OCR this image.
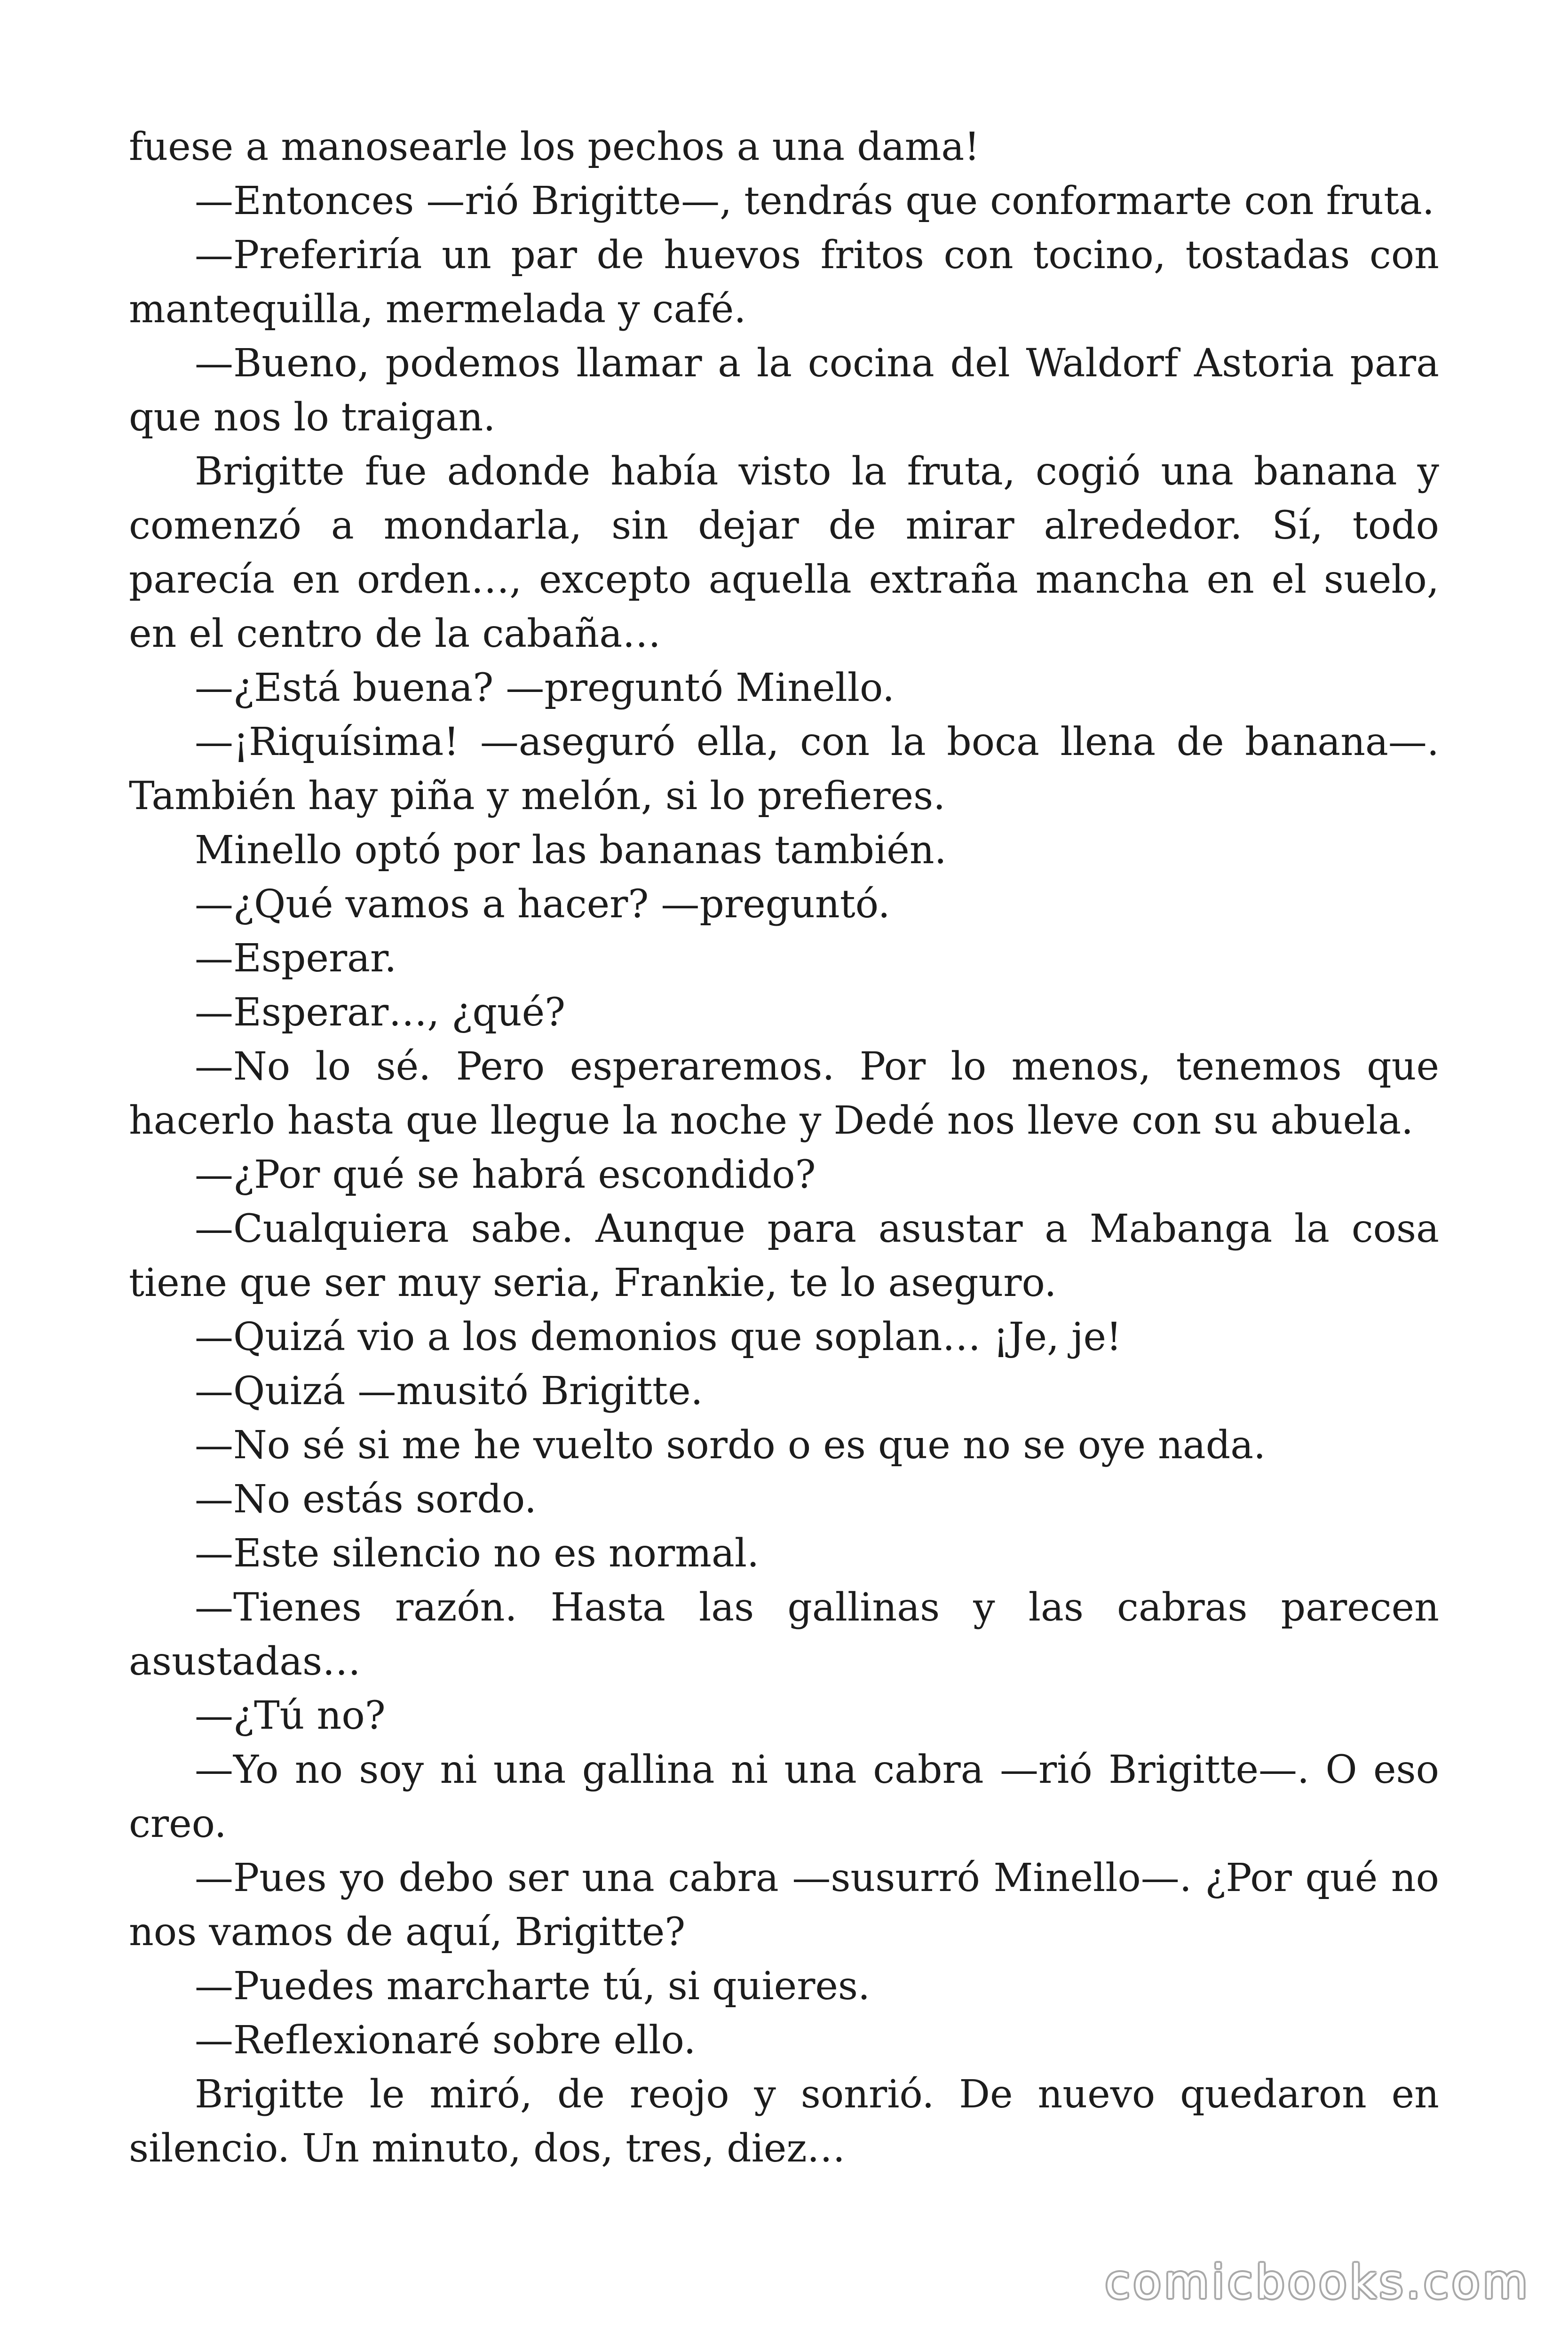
fuese a manosearle los pechos a una dama!

—Entonces —rió Brigitte—, tendrás que conformarte con fruta.

—Preferiría un par de huevos fritos con tocino, tostadas con mantequilla, mermelada y café.

—Bueno, podemos llamar a la cocina del Waldorf Astoria para que nos lo traigan.

Brigitte fue adonde había visto la fruta, cogió una banana y comenzó a mondarla, sin dejar de mirar alrededor. Sí, todo parecía en orden…, excepto aquella extraña mancha en el suelo, en el centro de la cabaña…

—¿Está buena? —preguntó Minello.

—¡Riquísima! —aseguró ella, con la boca llena de banana—. También hay piña y melón, si lo prefieres.

Minello optó por las bananas también.

—¿Qué vamos a hacer? —preguntó.

—Esperar.

—Esperar…, ¿qué?

—No lo sé. Pero esperaremos. Por lo menos, tenemos que hacerlo hasta que llegue la noche y Dedé nos lleve con su abuela.

—¿Por qué se habrá escondido?

—Cualquiera sabe. Aunque para asustar a Mabanga la cosa tiene que ser muy seria, Frankie, te lo aseguro.

—Quizá vio a los demonios que soplan… ¡Je, je!

—Quizá —musitó Brigitte.

—No sé si me he vuelto sordo o es que no se oye nada.

—No estás sordo.

—Este silencio no es normal.

—Tienes razón. Hasta las gallinas y las cabras parecen asustadas…

—¿Tú no?

—Yo no soy ni una gallina ni una cabra —rió Brigitte—. O eso creo.

—Pues yo debo ser una cabra —susurró Minello—. ¿Por qué no nos vamos de aquí, Brigitte?

—Puedes marcharte tú, si quieres.

—Reflexionaré sobre ello.

Brigitte le miró, de reojo y sonrió. De nuevo quedaron en silencio. Un minuto, dos, tres, diez…

comicbooks.com
